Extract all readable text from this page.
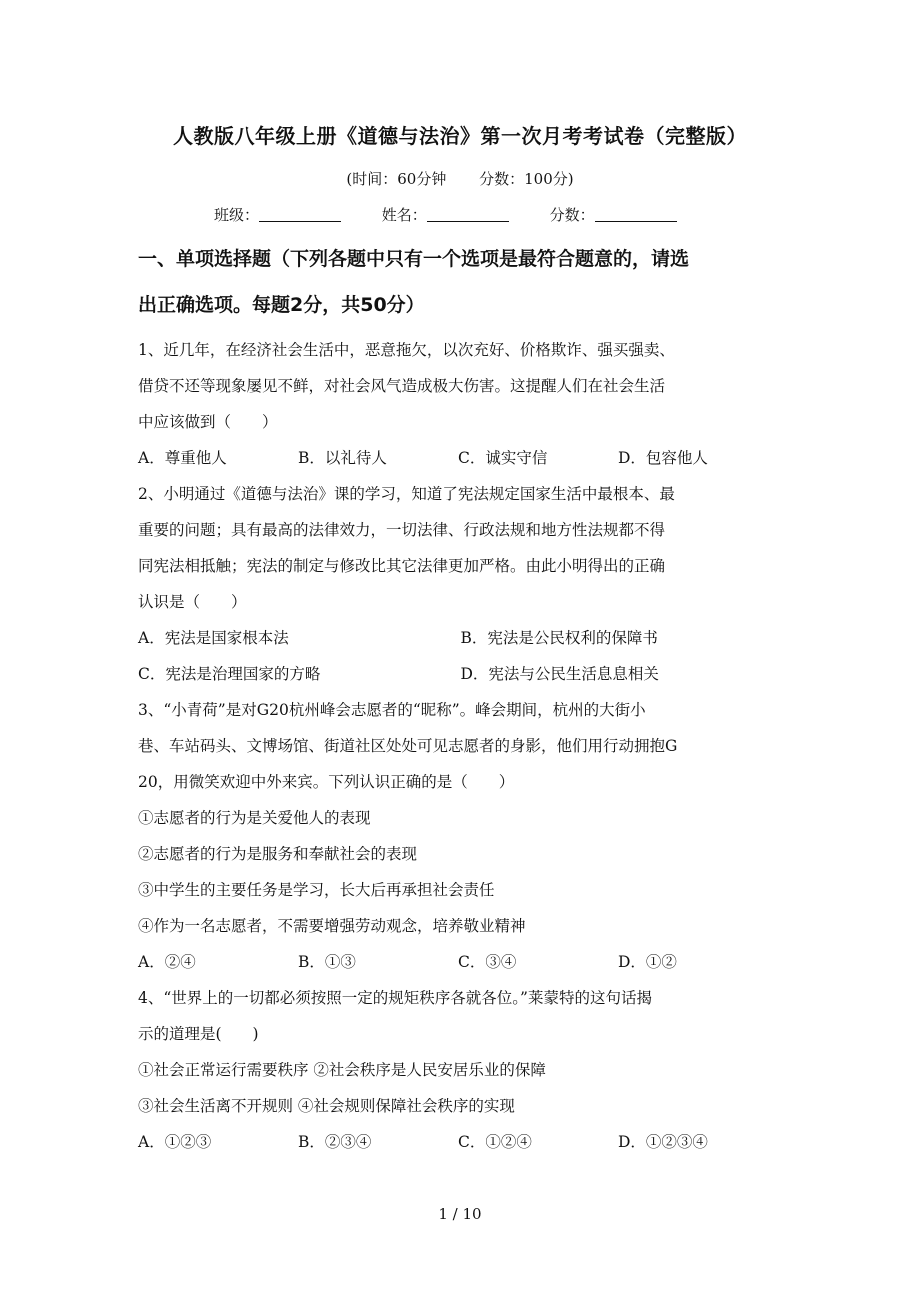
人教版八年级上册《道德与法治》第一次月考考试卷（完整版）
(时间：60分钟 分数：100分)
班级：	姓名：	分数：
一、单项选择题（下列各题中只有一个选项是最符合题意的，请选
出正确选项。每题2分，共50分）
1、近几年，在经济社会生活中，恶意拖欠，以次充好、价格欺诈、强买强卖、
借贷不还等现象屡见不鲜，对社会风气造成极大伤害。这提醒人们在社会生活
中应该做到（　　）
A．尊重他人	B．以礼待人	C．诚实守信	D．包容他人
2、小明通过《道德与法治》课的学习，知道了宪法规定国家生活中最根本、最
重要的问题；具有最高的法律效力，一切法律、行政法规和地方性法规都不得
同宪法相抵触；宪法的制定与修改比其它法律更加严格。由此小明得出的正确
认识是（　　）
A．宪法是国家根本法	B．宪法是公民权利的保障书
C．宪法是治理国家的方略	D．宪法与公民生活息息相关
3、“小青荷”是对G20杭州峰会志愿者的“昵称”。峰会期间，杭州的大街小
巷、车站码头、文博场馆、街道社区处处可见志愿者的身影，他们用行动拥抱G
20，用微笑欢迎中外来宾。下列认识正确的是（　　）
①志愿者的行为是关爱他人的表现
②志愿者的行为是服务和奉献社会的表现
③中学生的主要任务是学习，长大后再承担社会责任
④作为一名志愿者，不需要增强劳动观念，培养敬业精神
A．②④	B．①③	C．③④	D．①②
4、“世界上的一切都必须按照一定的规矩秩序各就各位。”莱蒙特的这句话揭
示的道理是(　　)
①社会正常运行需要秩序 ②社会秩序是人民安居乐业的保障
③社会生活离不开规则 ④社会规则保障社会秩序的实现
A．①②③	B．②③④	C．①②④	D．①②③④
1 / 10
